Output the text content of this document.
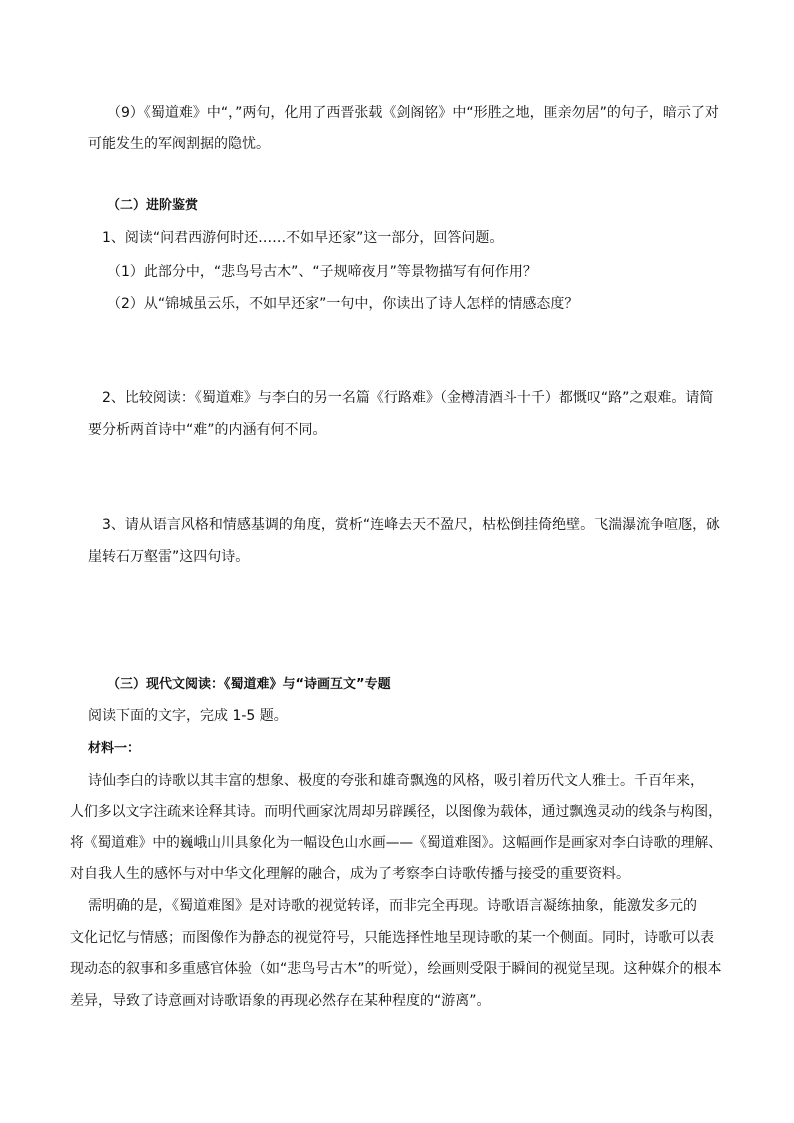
（9）《蜀道难》中“，”两句，化用了西晋张载《剑阁铭》中“形胜之地，匪亲勿居”的句子，暗示了对
可能发生的军阀割据的隐忧。
（二）进阶鉴赏
1、阅读“问君西游何时还……不如早还家”这一部分，回答问题。
（1）此部分中，“悲鸟号古木”、“子规啼夜月”等景物描写有何作用？
（2）从“锦城虽云乐，不如早还家”一句中，你读出了诗人怎样的情感态度？
2、比较阅读：《蜀道难》与李白的另一名篇《行路难》（金樽清酒斗十千）都慨叹“路”之艰难。请简
要分析两首诗中“难”的内涵有何不同。
3、请从语言风格和情感基调的角度，赏析“连峰去天不盈尺，枯松倒挂倚绝壁。飞湍瀑流争喧豗，砯
崖转石万壑雷”这四句诗。
（三）现代文阅读：《蜀道难》与“诗画互文”专题
阅读下面的文字，完成 1-5 题。
材料一：
诗仙李白的诗歌以其丰富的想象、极度的夸张和雄奇飘逸的风格，吸引着历代文人雅士。千百年来，
人们多以文字注疏来诠释其诗。而明代画家沈周却另辟蹊径，以图像为载体，通过飘逸灵动的线条与构图，
将《蜀道难》中的巍峨山川具象化为一幅设色山水画——《蜀道难图》。这幅画作是画家对李白诗歌的理解、
对自我人生的感怀与对中华文化理解的融合，成为了考察李白诗歌传播与接受的重要资料。
需明确的是，《蜀道难图》是对诗歌的视觉转译，而非完全再现。诗歌语言凝练抽象，能激发多元的
文化记忆与情感；而图像作为静态的视觉符号，只能选择性地呈现诗歌的某一个侧面。同时，诗歌可以表
现动态的叙事和多重感官体验（如“悲鸟号古木”的听觉），绘画则受限于瞬间的视觉呈现。这种媒介的根本
差异，导致了诗意画对诗歌语象的再现必然存在某种程度的“游离”。
